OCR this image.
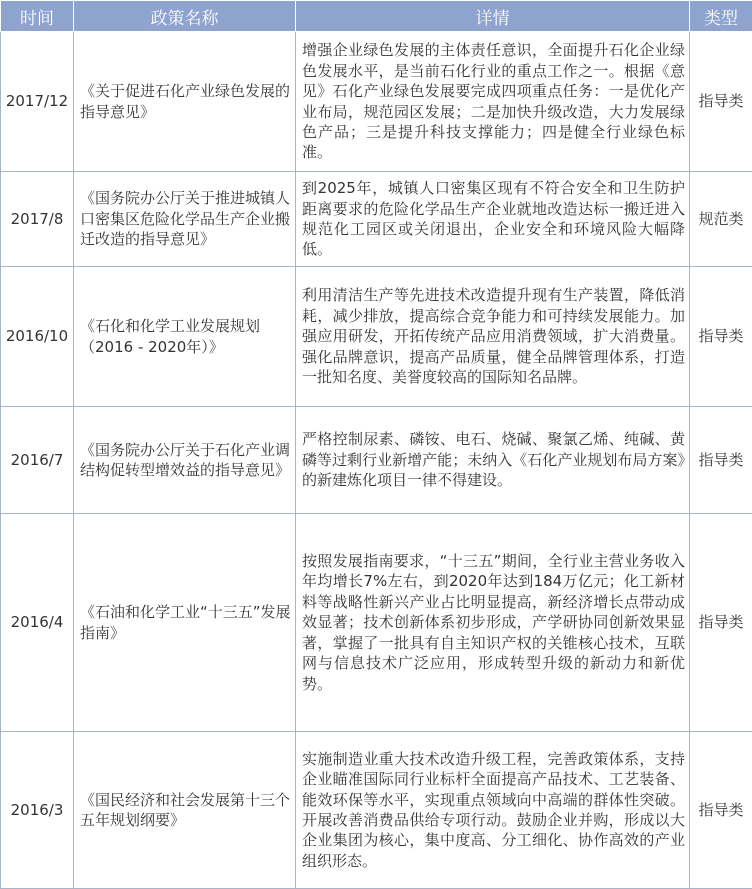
时间	政策名称	详情	类型
2017/12	《关于促进石化产业绿色发展的指导意见》	增强企业绿色发展的主体责任意识，全面提升石化企业绿色发展水平，是当前石化行业的重点工作之一。根据《意见》石化产业绿色发展要完成四项重点任务：一是优化产业布局，规范园区发展；二是加快升级改造，大力发展绿色产品；三是提升科技支撑能力；四是健全行业绿色标准。	指导类
2017/8	《国务院办公厅关于推进城镇人口密集区危险化学品生产企业搬迁改造的指导意见》	到2025年，城镇人口密集区现有不符合安全和卫生防护距离要求的危险化学品生产企业就地改造达标一搬迁进入规范化工园区或关闭退出，企业安全和环境风险大幅降低。	规范类
2016/10	《石化和化学工业发展规划（2016 - 2020年）》	利用清洁生产等先进技术改造提升现有生产装置，降低消耗，减少排放，提高综合竞争能力和可持续发展能力。加强应用研发，开拓传统产品应用消费领域，扩大消费量。强化品牌意识，提高产品质量，健全品牌管理体系，打造一批知名度、美誉度较高的国际知名品牌。	指导类
2016/7	《国务院办公厅关于石化产业调结构促转型增效益的指导意见》	严格控制尿素、磷铵、电石、烧碱、聚氯乙烯、纯碱、黄磷等过剩行业新增产能；未纳入《石化产业规划布局方案》的新建炼化项目一律不得建设。	指导类
2016/4	《石油和化学工业“十三五”发展指南》	按照发展指南要求，“十三五”期间，全行业主营业务收入年均增长7%左右，到2020年达到184万亿元；化工新材料等战略性新兴产业占比明显提高，新经济增长点带动成效显著；技术创新体系初步形成，产学研协同创新效果显著，掌握了一批具有自主知识产权的关锥核心技术，互联网与信息技术广泛应用，形成转型升级的新动力和新优势。	指导类
2016/3	《国民经济和社会发展第十三个五年规划纲要》	实施制造业重大技术改造升级工程，完善政策体系，支持企业瞄准国际同行业标杆全面提高产品技术、工艺装备、能效环保等水平，实现重点领域向中高端的群体性突破。开展改善消费品供给专项行动。鼓励企业并购，形成以大企业集团为核心，集中度高、分工细化、协作高效的产业组织形态。	指导类
